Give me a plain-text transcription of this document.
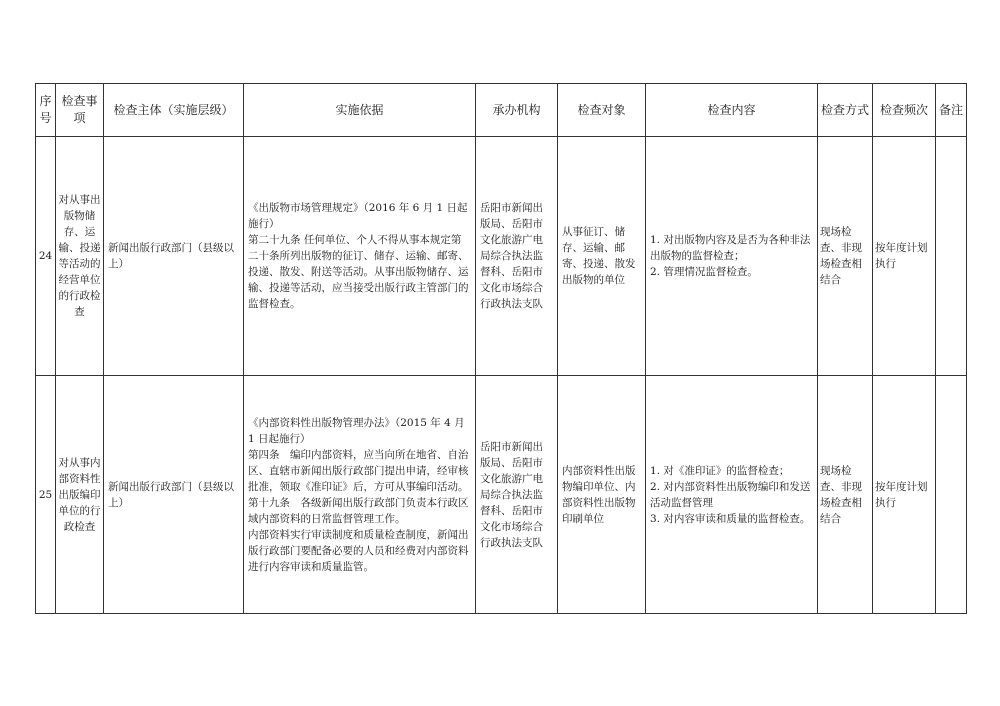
序号	检查事项	检查主体（实施层级）	实施依据	承办机构	检查对象	检查内容	检查方式	检查频次	备注
24	对从事出版物储存、运输、投递等活动的经营单位的行政检查	新闻出版行政部门（县级以上）	《出版物市场管理规定》（2016 年 6 月 1 日起施行）
第二十九条 任何单位、个人不得从事本规定第二十条所列出版物的征订、储存、运输、邮寄、投递、散发、附送等活动。从事出版物储存、运输、投递等活动，应当接受出版行政主管部门的监督检查。	岳阳市新闻出版局、岳阳市文化旅游广电局综合执法监督科、岳阳市文化市场综合行政执法支队	从事征订、储存、运输、邮寄、投递、散发出版物的单位	1. 对出版物内容及是否为各种非法出版物的监督检查；
2. 管理情况监督检查。	现场检查、非现场检查相结合	按年度计划执行	
25	对从事内部资料性出版编印单位的行政检查	新闻出版行政部门（县级以上）	《内部资料性出版物管理办法》（2015 年 4 月 1 日起施行）
第四条　编印内部资料，应当向所在地省、自治区、直辖市新闻出版行政部门提出申请，经审核批准，领取《准印证》后，方可从事编印活动。
第十九条　各级新闻出版行政部门负责本行政区域内部资料的日常监督管理工作。
内部资料实行审读制度和质量检查制度，新闻出版行政部门要配备必要的人员和经费对内部资料进行内容审读和质量监管。	岳阳市新闻出版局、岳阳市文化旅游广电局综合执法监督科、岳阳市文化市场综合行政执法支队	内部资料性出版物编印单位、内部资料性出版物印刷单位	1. 对《准印证》的监督检查；
2. 对内部资料性出版物编印和发送活动监督管理
3. 对内容审读和质量的监督检查。	现场检查、非现场检查相结合	按年度计划执行	
